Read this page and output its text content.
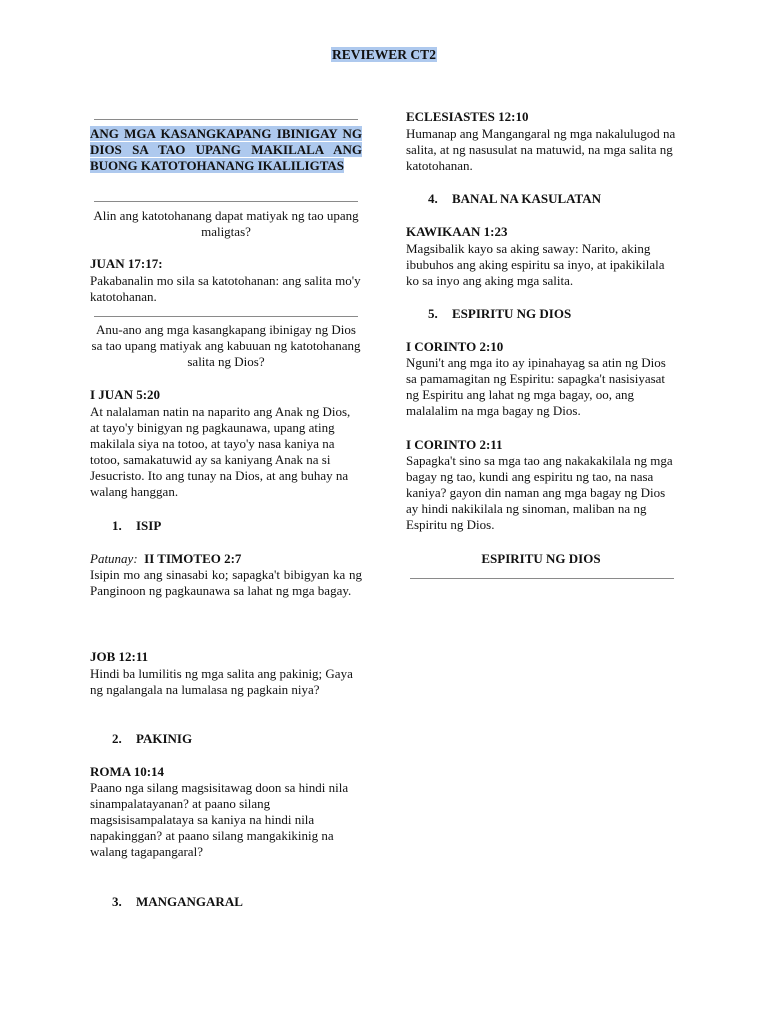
REVIEWER CT2
ANG MGA KASANGKAPANG IBINIGAY NG DIOS SA TAO UPANG MAKILALA ANG BUONG KATOTOHANANG IKALILIGTAS
Alin ang katotohanang dapat matiyak ng tao upang maligtas?
JUAN 17:17:
Pakabanalin mo sila sa katotohanan: ang salita mo'y katotohanan.
Anu-ano ang mga kasangkapang ibinigay ng Dios sa tao upang matiyak ang kabuuan ng katotohanang salita ng Dios?
I JUAN 5:20
At nalalaman natin na naparito ang Anak ng Dios, at tayo'y binigyan ng pagkaunawa, upang ating makilala siya na totoo, at tayo'y nasa kaniya na totoo, samakatuwid ay sa kaniyang Anak na si Jesucristo. Ito ang tunay na Dios, at ang buhay na walang hanggan.
1. ISIP
Patunay: II TIMOTEO 2:7
Isipin mo ang sinasabi ko; sapagka't bibigyan ka ng Panginoon ng pagkaunawa sa lahat ng mga bagay.
JOB 12:11
Hindi ba lumilitis ng mga salita ang pakinig; Gaya ng ngalangala na lumalasa ng pagkain niya?
2. PAKINIG
ROMA 10:14
Paano nga silang magsisitawag doon sa hindi nila sinampalatayanan? at paano silang magsisisampalataya sa kaniya na hindi nila napakinggan? at paano silang mangakikinig na walang tagapangaral?
3. MANGANGARAL
ECLESIASTES 12:10
Humanap ang Mangangaral ng mga nakalulugod na salita, at ng nasusulat na matuwid, na mga salita ng katotohanan.
4. BANAL NA KASULATAN
KAWIKAAN 1:23
Magsibalik kayo sa aking saway: Narito, aking ibubuhos ang aking espiritu sa inyo, at ipakikilala ko sa inyo ang aking mga salita.
5. ESPIRITU NG DIOS
I CORINTO 2:10
Nguni't ang mga ito ay ipinahayag sa atin ng Dios sa pamamagitan ng Espiritu: sapagka't nasisiyasat ng Espiritu ang lahat ng mga bagay, oo, ang malalalim na mga bagay ng Dios.
I CORINTO 2:11
Sapagka't sino sa mga tao ang nakakakilala ng mga bagay ng tao, kundi ang espiritu ng tao, na nasa kaniya? gayon din naman ang mga bagay ng Dios ay hindi nakikilala ng sinoman, maliban na ng Espiritu ng Dios.
ESPIRITU NG DIOS
